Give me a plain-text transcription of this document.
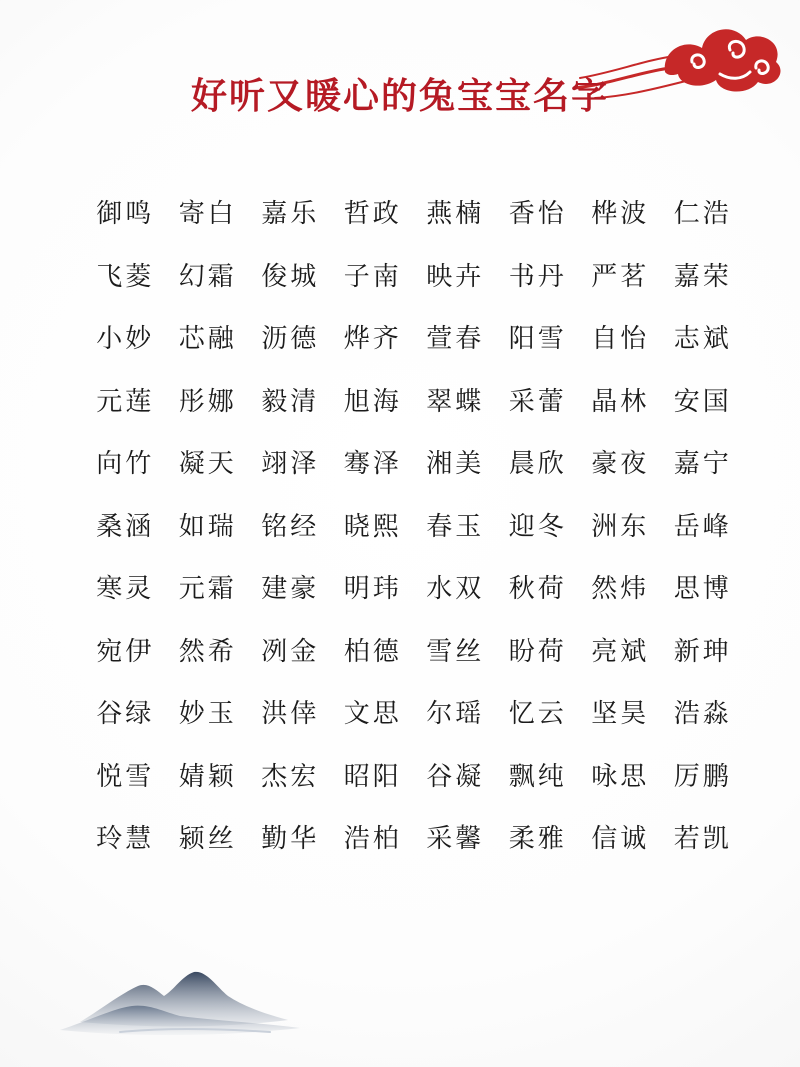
好听又暖心的兔宝宝名字
御鸣 寄白 嘉乐 哲政 燕楠 香怡 桦波 仁浩
飞菱 幻霜 俊城 子南 映卉 书丹 严茗 嘉荣
小妙 芯融 沥德 烨齐 萱春 阳雪 自怡 志斌
元莲 彤娜 毅清 旭海 翠蝶 采蕾 晶林 安国
向竹 凝天 翊泽 骞泽 湘美 晨欣 豪夜 嘉宁
桑涵 如瑞 铭经 晓熙 春玉 迎冬 洲东 岳峰
寒灵 元霜 建豪 明玮 水双 秋荷 然炜 思博
宛伊 然希 冽金 柏德 雪丝 盼荷 亮斌 新珅
谷绿 妙玉 洪倖 文思 尔瑶 忆云 坚昊 浩淼
悦雪 婧颖 杰宏 昭阳 谷凝 飘纯 咏思 厉鹏
玲慧 颍丝 勤华 浩柏 采馨 柔雅 信诚 若凯
